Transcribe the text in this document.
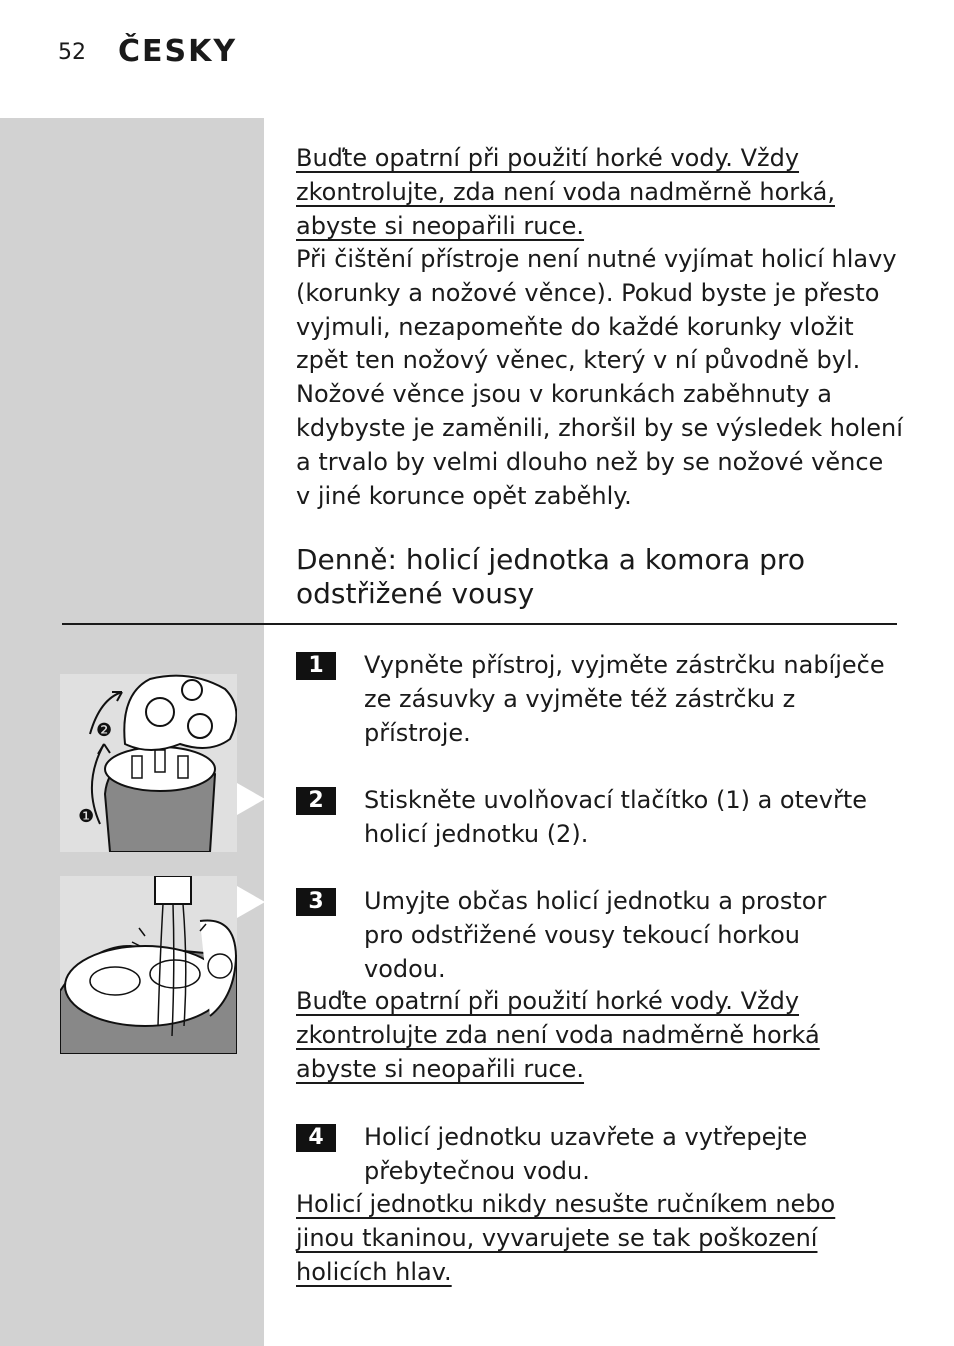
52 ČESKY
Buďte opatrní při použití horké vody. Vždy
zkontrolujte, zda není voda nadměrně horká,
abyste si neopařili ruce.
Při čištění přístroje není nutné vyjímat holicí hlavy
(korunky a nožové věnce). Pokud byste je přesto
vyjmuli, nezapomeňte do každé korunky vložit
zpět ten nožový věnec, který v ní původně byl.
Nožové věnce jsou v korunkách zaběhnuty a
kdybyste je zaměnili, zhoršil by se výsledek holení
a trvalo by velmi dlouho než by se nožové věnce
v jiné korunce opět zaběhly.
Denně: holicí jednotka a komora pro
odstřižené vousy
❶
❷
1	Vypněte přístroj, vyjměte zástrčku nabíječe
ze zásuvky a vyjměte též zástrčku z
přístroje.
2	Stiskněte uvolňovací tlačítko (1) a otevřte
holicí jednotku (2).
3	Umyjte občas holicí jednotku a prostor
pro odstřižené vousy tekoucí horkou
vodou.
Buďte opatrní při použití horké vody. Vždy
zkontrolujte zda není voda nadměrně horká
abyste si neopařili ruce.
4	Holicí jednotku uzavřete a vytřepejte
přebytečnou vodu.
Holicí jednotku nikdy nesušte ručníkem nebo
jinou tkaninou, vyvarujete se tak poškození
holicích hlav.
